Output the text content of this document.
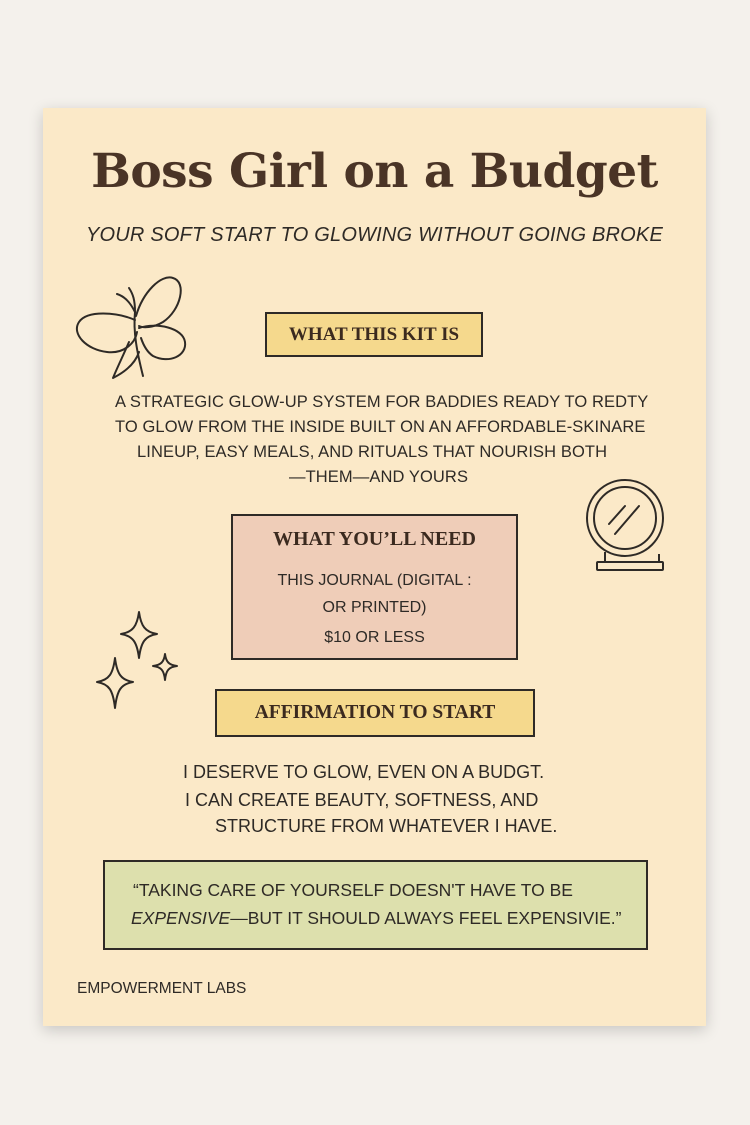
Boss Girl on a Budget
YOUR SOFT START TO GLOWING WITHOUT GOING BROKE
WHAT THIS KIT IS
A STRATEGIC GLOW-UP SYSTEM FOR BADDIES READY TO REDTY
TO GLOW FROM THE INSIDE BUILT ON AN AFFORDABLE-SKINARE
LINEUP, EASY MEALS, AND RITUALS THAT NOURISH BOTH
—THEM—AND YOURS
WHAT YOU’LL NEED
THIS JOURNAL (DIGITAL :
OR PRINTED)
$10 OR LESS
AFFIRMATION TO START
I DESERVE TO GLOW, EVEN ON A BUDGT.
I CAN CREATE BEAUTY, SOFTNESS, AND
STRUCTURE FROM WHATEVER I HAVE.
“TAKING CARE OF YOURSELF DOESN'T HAVE TO BE
EXPENSIVE—BUT IT SHOULD ALWAYS FEEL EXPENSIVIE.”
EMPOWERMENT LABS
